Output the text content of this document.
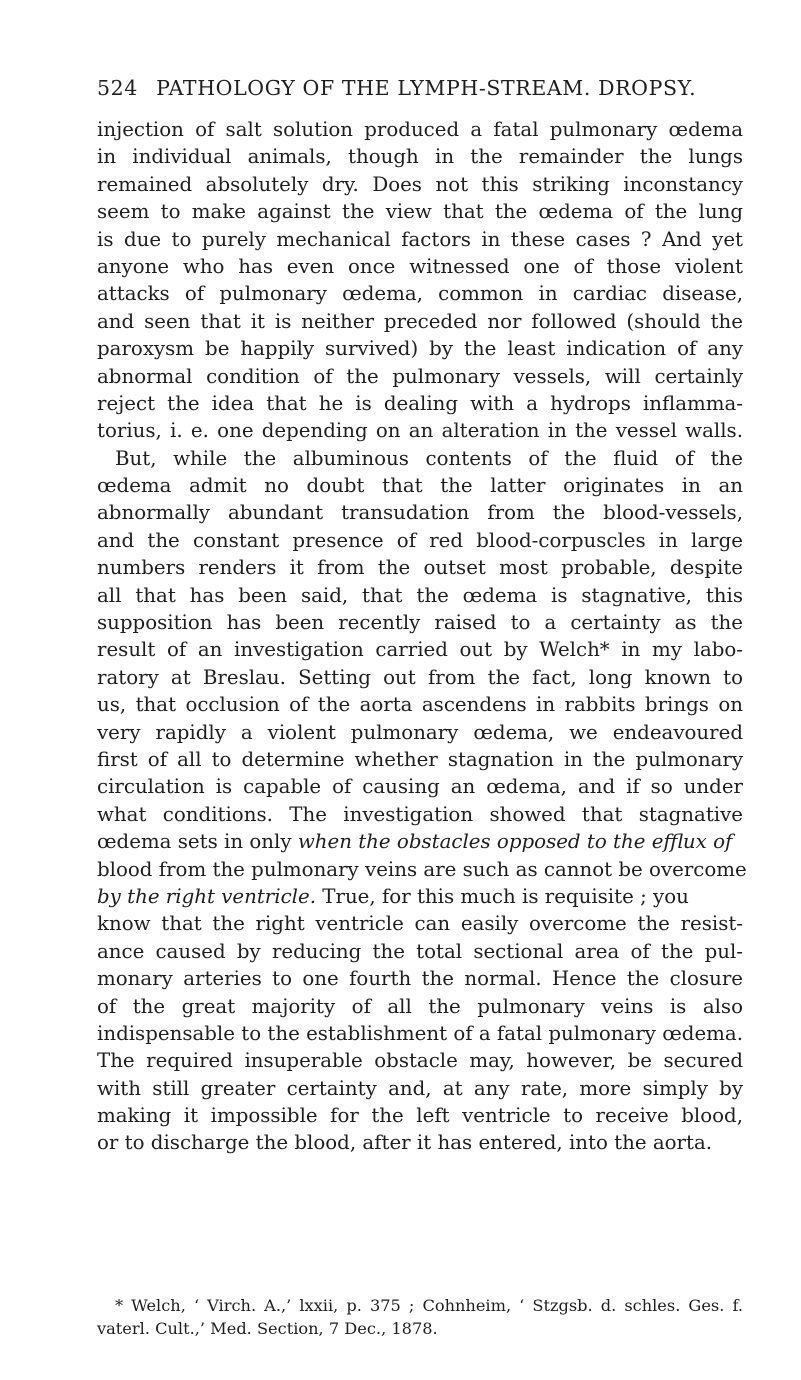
524 PATHOLOGY OF THE LYMPH-STREAM. DROPSY.
injection of salt solution produced a fatal pulmonary œdema
in individual animals, though in the remainder the lungs
remained absolutely dry. Does not this striking inconstancy
seem to make against the view that the œdema of the lung
is due to purely mechanical factors in these cases ? And yet
anyone who has even once witnessed one of those violent
attacks of pulmonary œdema, common in cardiac disease,
and seen that it is neither preceded nor followed (should the
paroxysm be happily survived) by the least indication of any
abnormal condition of the pulmonary vessels, will certainly
reject the idea that he is dealing with a hydrops inflamma-
torius, i. e. one depending on an alteration in the vessel walls.
But, while the albuminous contents of the fluid of the
œdema admit no doubt that the latter originates in an
abnormally abundant transudation from the blood-vessels,
and the constant presence of red blood-corpuscles in large
numbers renders it from the outset most probable, despite
all that has been said, that the œdema is stagnative, this
supposition has been recently raised to a certainty as the
result of an investigation carried out by Welch* in my labo-
ratory at Breslau. Setting out from the fact, long known to
us, that occlusion of the aorta ascendens in rabbits brings on
very rapidly a violent pulmonary œdema, we endeavoured
first of all to determine whether stagnation in the pulmonary
circulation is capable of causing an œdema, and if so under
what conditions. The investigation showed that stagnative
œdema sets in only when the obstacles opposed to the efflux of
blood from the pulmonary veins are such as cannot be overcome
by the right ventricle. True, for this much is requisite ; you
know that the right ventricle can easily overcome the resist-
ance caused by reducing the total sectional area of the pul-
monary arteries to one fourth the normal. Hence the closure
of the great majority of all the pulmonary veins is also
indispensable to the establishment of a fatal pulmonary œdema.
The required insuperable obstacle may, however, be secured
with still greater certainty and, at any rate, more simply by
making it impossible for the left ventricle to receive blood,
or to discharge the blood, after it has entered, into the aorta.
* Welch, ‘ Virch. A.,’ lxxii, p. 375 ; Cohnheim, ‘ Stzgsb. d. schles. Ges. f.
vaterl. Cult.,’ Med. Section, 7 Dec., 1878.
